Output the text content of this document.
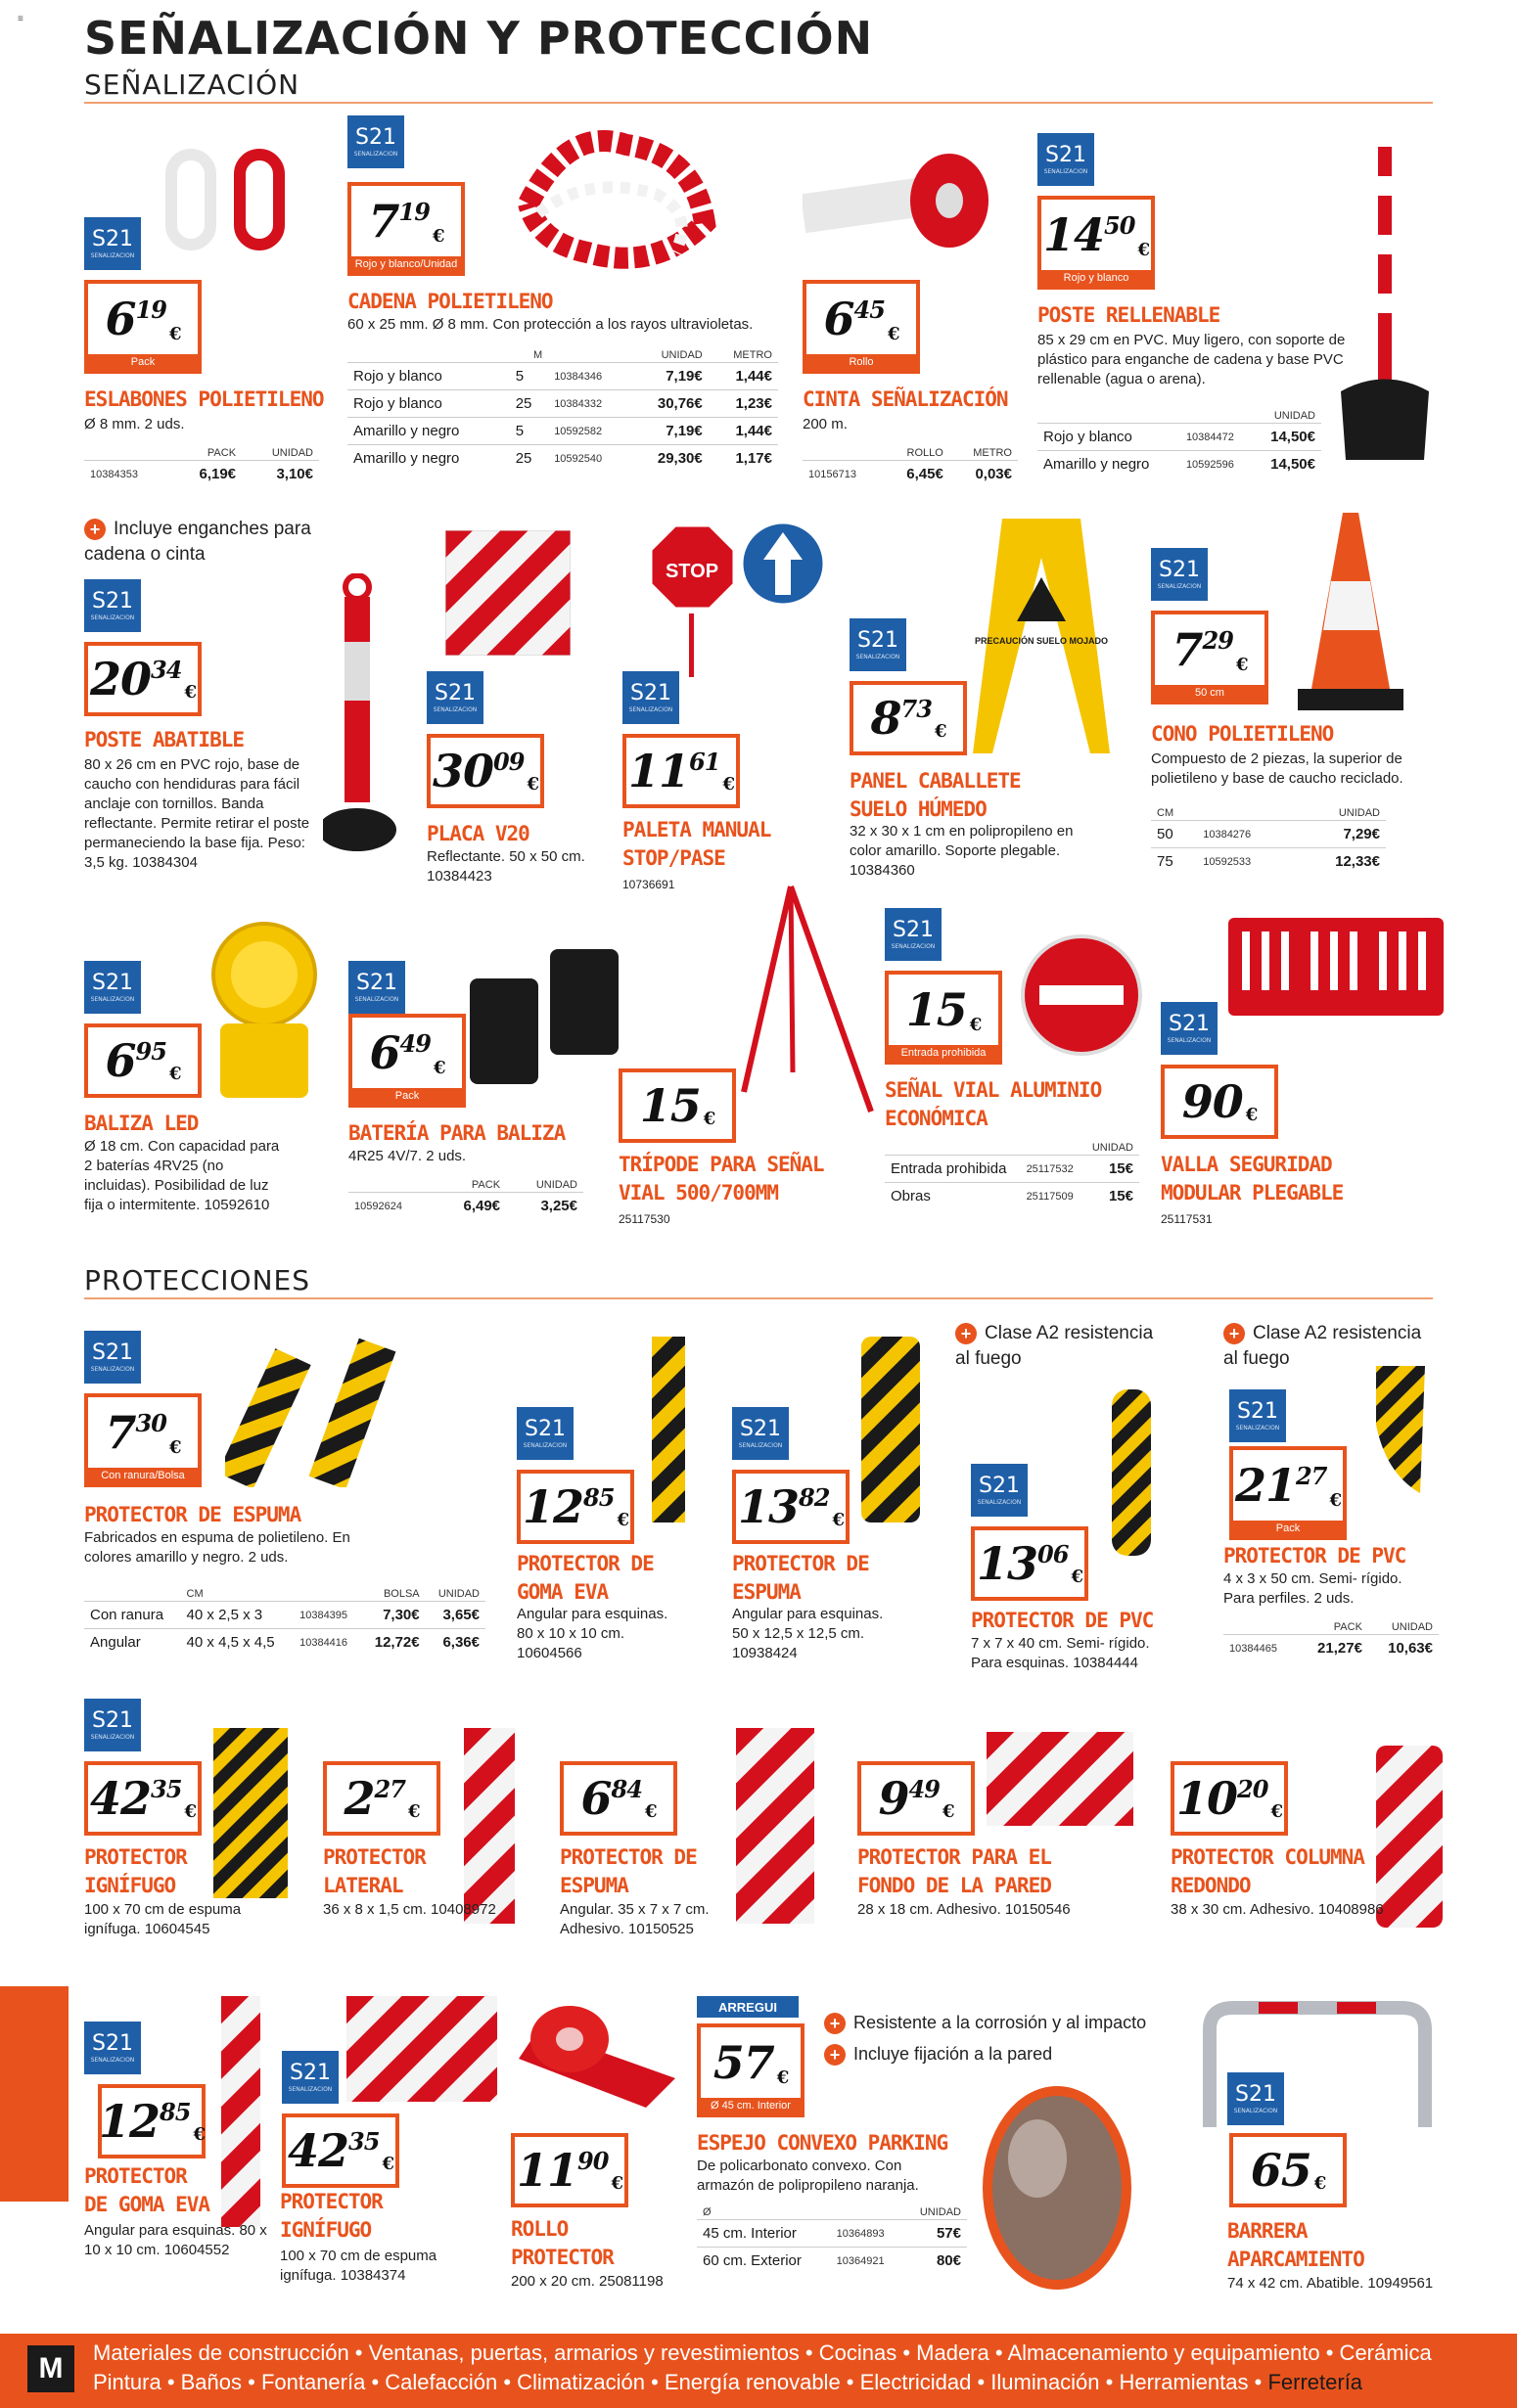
≡ SEÑALIZACIÓN Y PROTECCIÓN
SEÑALIZACIÓN
S21
SEÑALIZACIÓN
$6^{19}$
€
Pack
ESLABONES POLIETILENO
Ø 8 mm. 2 uds.
	PACK	UNIDAD
10384353	6,19€	3,10€
S21
SEÑALIZACIÓN
$7^{19}$
€
Rojo y blanco/Unidad
CADENA POLIETILENO
60 x 25 mm. Ø 8 mm. Con protección a los rayos ultravioletas.
	M		UNIDAD	METRO
Rojo y blanco	5	10384346	7,19€	1,44€
Rojo y blanco	25	10384332	30,76€	1,23€
Amarillo y negro	5	10592582	7,19€	1,44€
Amarillo y negro	25	10592540	29,30€	1,17€
$6^{45}$
€
Rollo
CINTA SEÑALIZACIÓN
200 m.
	ROLLO	METRO
10156713	6,45€	0,03€
S21
SEÑALIZACIÓN
$14^{50}$
€
Rojo y blanco
POSTE RELLENABLE
85 x 29 cm en PVC. Muy ligero, con soporte de plástico para enganche de cadena y base PVC rellenable (agua o arena).
		UNIDAD
Rojo y blanco	10384472	14,50€
Amarillo y negro	10592596	14,50€
+ Incluye enganches para cadena o cinta
S21
SEÑALIZACIÓN
$20^{34}$
€
POSTE ABATIBLE
80 x 26 cm en PVC rojo, base de caucho con hendiduras para fácil anclaje con tornillos. Banda reflectante. Permite retirar el poste permaneciendo la base fija. Peso: 3,5 kg. 10384304
S21
SEÑALIZACIÓN
$30^{09}$
€
PLACA V20
Reflectante. 50 x 50 cm. 10384423
STOP
S21
SEÑALIZACIÓN
$11^{61}$
€
PALETA MANUAL STOP/PASE
10736691
S21
SEÑALIZACIÓN
PRECAUCIÓN SUELO MOJADO
$8^{73}$
€
PANEL CABALLETE SUELO HÚMEDO
32 x 30 x 1 cm en polipropileno en color amarillo. Soporte plegable. 10384360
S21
SEÑALIZACIÓN
$7^{29}$
€
50 cm
CONO POLIETILENO
Compuesto de 2 piezas, la superior de polietileno y base de caucho reciclado.
CM		UNIDAD
50	10384276	7,29€
75	10592533	12,33€
S21
SEÑALIZACIÓN
$6^{95}$
€
BALIZA LED
Ø 18 cm. Con capacidad para 2 baterías 4RV25 (no incluidas). Posibilidad de luz fija o intermitente. 10592610
S21
SEÑALIZACIÓN
$6^{49}$
€
Pack
BATERÍA PARA BALIZA
4R25 4V/7. 2 uds.
	PACK	UNIDAD
10592624	6,49€	3,25€
15 €
TRÍPODE PARA SEÑAL VIAL 500/700MM
25117530
S21
SEÑALIZACIÓN
15 €
Entrada prohibida
SEÑAL VIAL ALUMINIO ECONÓMICA
		UNIDAD
Entrada prohibida	25117532	15€
Obras	25117509	15€
S21
SEÑALIZACIÓN
90 €
VALLA SEGURIDAD MODULAR PLEGABLE
25117531
PROTECCIONES
S21
SEÑALIZACIÓN
$7^{30}$
€
Con ranura/Bolsa
PROTECTOR DE ESPUMA
Fabricados en espuma de polietileno. En colores amarillo y negro. 2 uds.
	CM		BOLSA	UNIDAD
Con ranura	40 x 2,5 x 3	10384395	7,30€	3,65€
Angular	40 x 4,5 x 4,5	10384416	12,72€	6,36€
S21
SEÑALIZACIÓN
$12^{85}$
€
PROTECTOR DE GOMA EVA
Angular para esquinas. 80 x 10 x 10 cm. 10604566
S21
SEÑALIZACIÓN
$13^{82}$
€
PROTECTOR DE ESPUMA
Angular para esquinas. 50 x 12,5 x 12,5 cm. 10938424
+ Clase A2 resistencia al fuego
S21
SEÑALIZACIÓN
$13^{06}$
€
PROTECTOR DE PVC
7 x 7 x 40 cm. Semi- rígido. Para esquinas. 10384444
+ Clase A2 resistencia al fuego
S21
SEÑALIZACIÓN
$21^{27}$
€
Pack
PROTECTOR DE PVC
4 x 3 x 50 cm. Semi- rígido. Para perfiles. 2 uds.
	PACK	UNIDAD
10384465	21,27€	10,63€
S21
SEÑALIZACIÓN
$42^{35}$
€
PROTECTOR IGNÍFUGO
100 x 70 cm de espuma ignífuga. 10604545
$2^{27}$
€
PROTECTOR LATERAL
36 x 8 x 1,5 cm. 10408972
$6^{84}$
€
PROTECTOR DE ESPUMA
Angular. 35 x 7 x 7 cm. Adhesivo. 10150525
$9^{49}$
€
PROTECTOR PARA EL FONDO DE LA PARED
28 x 18 cm. Adhesivo. 10150546
$10^{20}$
€
PROTECTOR COLUMNA REDONDO
38 x 30 cm. Adhesivo. 10408986
FERRETERÍA
S21
SEÑALIZACIÓN
$12^{85}$
€
PROTECTOR DE GOMA EVA
Angular para esquinas. 80 x 10 x 10 cm. 10604552
S21
SEÑALIZACIÓN
$42^{35}$
€
PROTECTOR IGNÍFUGO
100 x 70 cm de espuma ignífuga. 10384374
$11^{90}$
€
ROLLO PROTECTOR
200 x 20 cm. 25081198
ARREGUI
57 €
Ø 45 cm. Interior
+ Resistente a la corrosión y al impacto
+ Incluye fijación a la pared
ESPEJO CONVEXO PARKING
De policarbonato convexo. Con armazón de polipropileno naranja.
Ø		UNIDAD
45 cm. Interior	10364893	57€
60 cm. Exterior	10364921	80€
S21
SEÑALIZACIÓN
65 €
BARRERA APARCAMIENTO
74 x 42 cm. Abatible. 10949561
M	Materiales de construcción • Ventanas, puertas, armarios y revestimientos • Cocinas • Madera • Almacenamiento y equipamiento • Cerámica
Pintura • Baños • Fontanería • Calefacción • Climatización • Energía renovable • Electricidad • Iluminación • Herramientas • Ferretería
